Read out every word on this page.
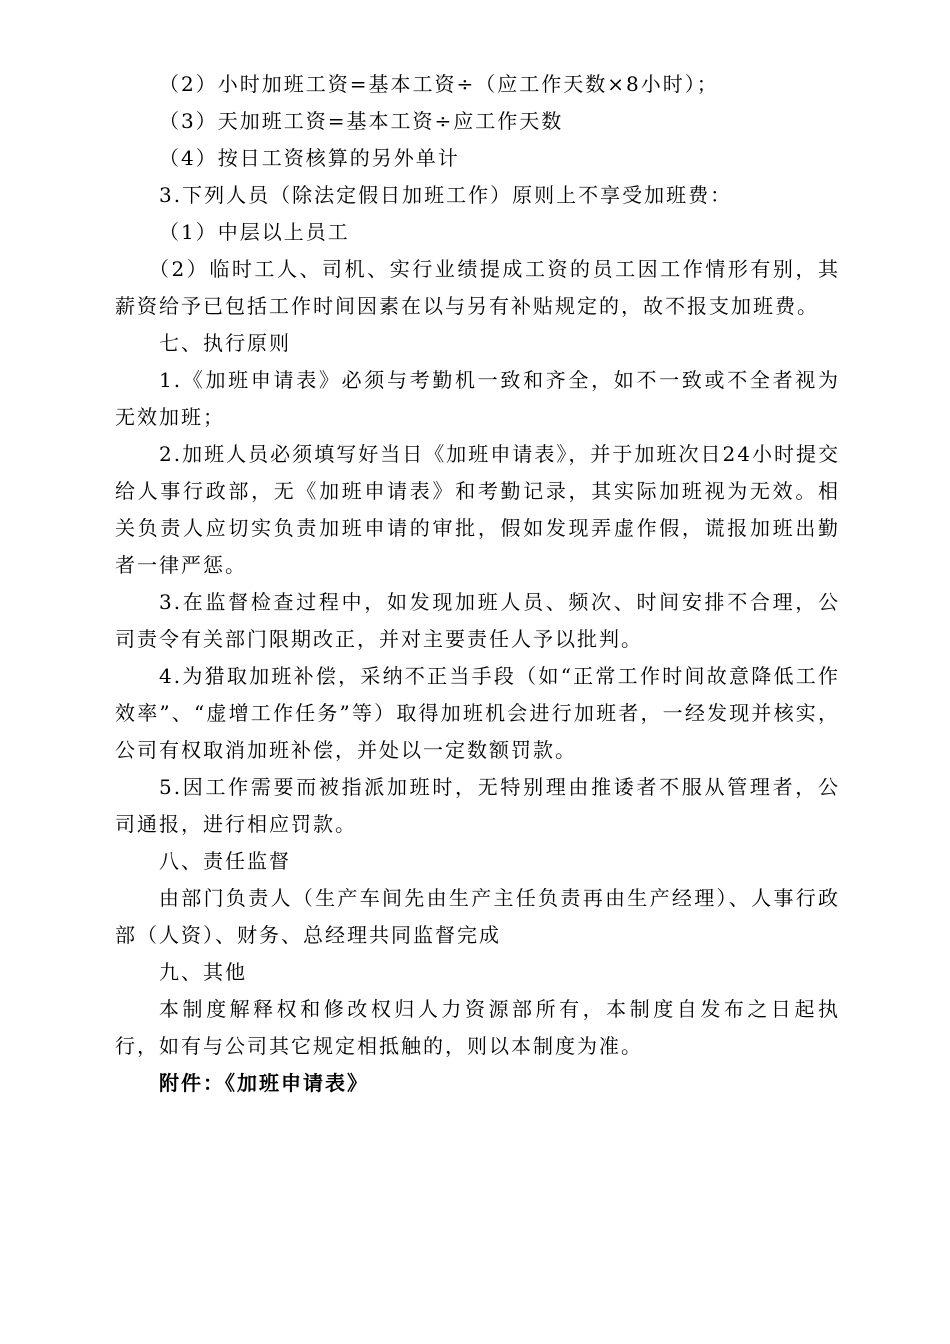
（2）小时加班工资=基本工资÷（应工作天数×8小时）；

（3）天加班工资=基本工资÷应工作天数

（4）按日工资核算的另外单计

3.下列人员（除法定假日加班工作）原则上不享受加班费：

（1）中层以上员工

（2）临时工人、司机、实行业绩提成工资的员工因工作情形有别，其薪资给予已包括工作时间因素在以与另有补贴规定的，故不报支加班费。

七、执行原则

1.《加班申请表》必须与考勤机一致和齐全，如不一致或不全者视为无效加班；

2.加班人员必须填写好当日《加班申请表》，并于加班次日24小时提交给人事行政部，无《加班申请表》和考勤记录，其实际加班视为无效。相关负责人应切实负责加班申请的审批，假如发现弄虚作假，谎报加班出勤者一律严惩。

3.在监督检查过程中，如发现加班人员、频次、时间安排不合理，公司责令有关部门限期改正，并对主要责任人予以批判。

4.为猎取加班补偿，采纳不正当手段（如“正常工作时间故意降低工作效率”、“虚增工作任务”等）取得加班机会进行加班者，一经发现并核实，公司有权取消加班补偿，并处以一定数额罚款。

5.因工作需要而被指派加班时，无特别理由推诿者不服从管理者，公司通报，进行相应罚款。

八、责任监督

由部门负责人（生产车间先由生产主任负责再由生产经理）、人事行政部（人资）、财务、总经理共同监督完成

九、其他

本制度解释权和修改权归人力资源部所有，本制度自发布之日起执行，如有与公司其它规定相抵触的，则以本制度为准。

附件：《加班申请表》
